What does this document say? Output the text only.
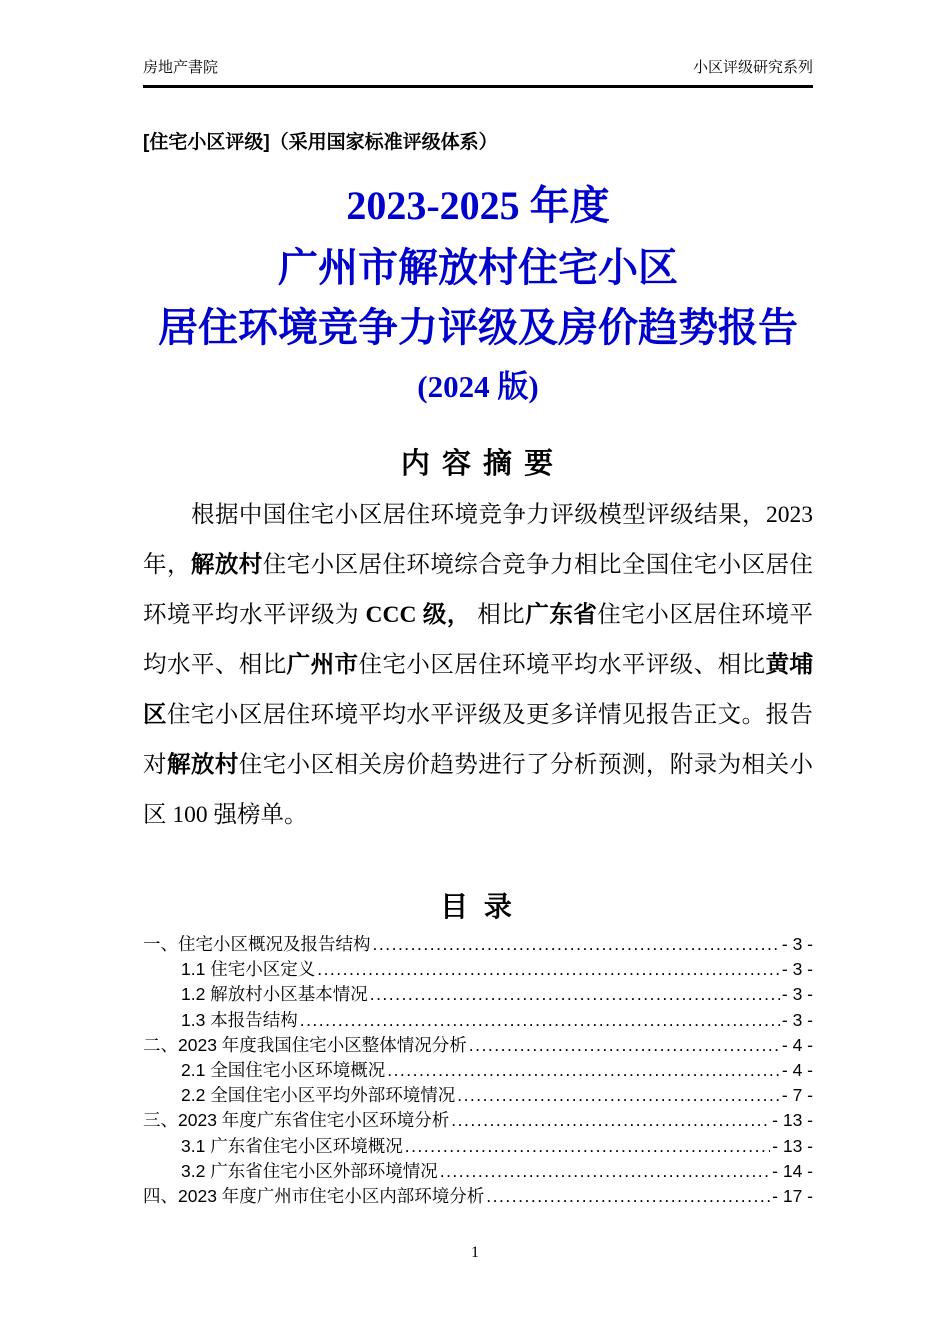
房地产書院	小区评级研究系列
[住宅小区评级]（采用国家标准评级体系）
2023-2025 年度
广州市解放村住宅小区
居住环境竞争力评级及房价趋势报告
(2024 版)
内 容 摘 要

根据中国住宅小区居住环境竞争力评级模型评级结果，2023 年，解放村住宅小区居住环境综合竞争力相比全国住宅小区居住环境平均水平评级为 CCC 级， 相比广东省住宅小区居住环境平均水平、相比广州市住宅小区居住环境平均水平评级、相比黄埔区住宅小区居住环境平均水平评级及更多详情见报告正文。报告对解放村住宅小区相关房价趋势进行了分析预测，附录为相关小区 100 强榜单。

目 录
一、住宅小区概况及报告结构 .....	- 3 -
1.1 住宅小区定义 .....	- 3 -
1.2 解放村小区基本情况 .....	- 3 -
1.3 本报告结构 .....	- 3 -
二、2023 年度我国住宅小区整体情况分析 .....	- 4 -
2.1 全国住宅小区环境概况 .....	- 4 -
2.2 全国住宅小区平均外部环境情况 .....	- 7 -
三、2023 年度广东省住宅小区环境分析 .....	- 13 -
3.1 广东省住宅小区环境概况 .....	- 13 -
3.2 广东省住宅小区外部环境情况 .....	- 14 -
四、2023 年度广州市住宅小区内部环境分析 .....	- 17 -
1
